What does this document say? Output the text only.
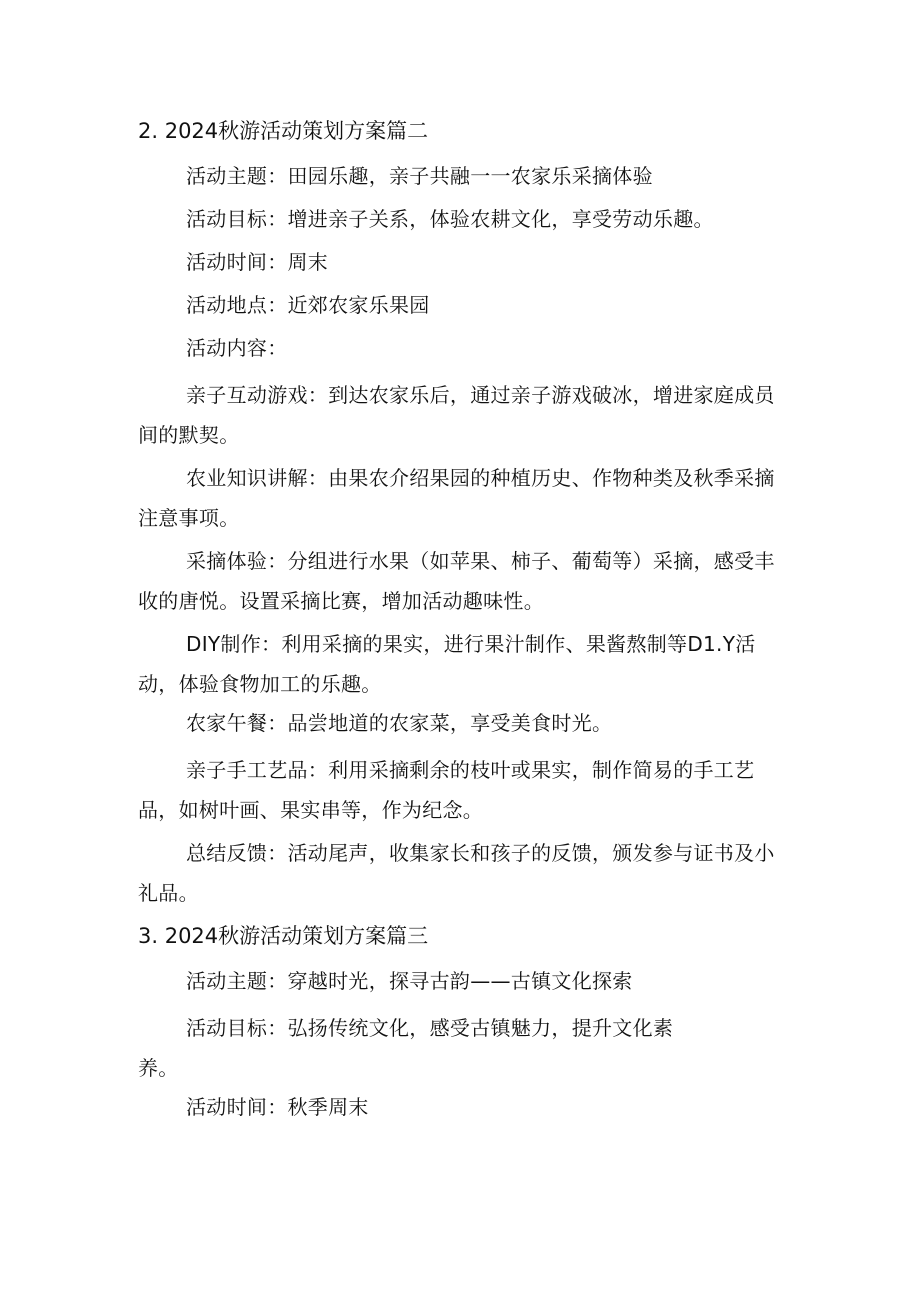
2. 2024秋游活动策划方案篇二

活动主题：田园乐趣，亲子共融一一农家乐采摘体验

活动目标：增进亲子关系，体验农耕文化，享受劳动乐趣。

活动时间：周末

活动地点：近郊农家乐果园

活动内容：

亲子互动游戏：到达农家乐后，通过亲子游戏破冰，增进家庭成员间的默契。

农业知识讲解：由果农介绍果园的种植历史、作物种类及秋季采摘注意事项。

采摘体验：分组进行水果（如苹果、柿子、葡萄等）采摘，感受丰收的唐悦。设置采摘比赛，增加活动趣味性。

DIY制作：利用采摘的果实，进行果汁制作、果酱熬制等D1.Y活动，体验食物加工的乐趣。

农家午餐：品尝地道的农家菜，享受美食时光。

亲子手工艺品：利用采摘剩余的枝叶或果实，制作简易的手工艺品，如树叶画、果实串等，作为纪念。

总结反馈：活动尾声，收集家长和孩子的反馈，颁发参与证书及小礼品。

3. 2024秋游活动策划方案篇三

活动主题：穿越时光，探寻古韵——古镇文化探索

活动目标：弘扬传统文化，感受古镇魅力，提升文化素养。

活动时间：秋季周末
